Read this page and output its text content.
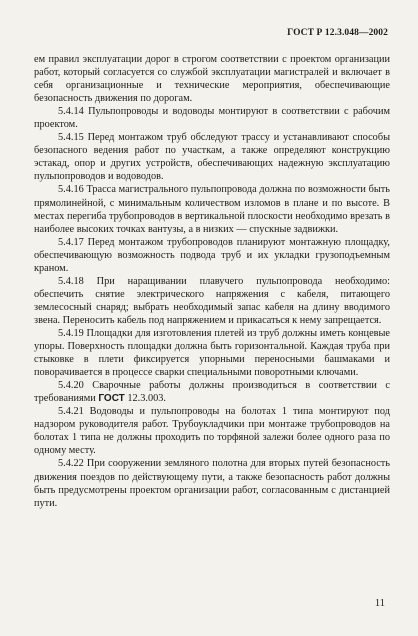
ГОСТ Р 12.3.048—2002

ем правил эксплуатации дорог в строгом соответствии с проектом организации работ, который согласуется со службой эксплуатации магистралей и включает в себя организационные и технические мероприятия, обеспечивающие безопасность движения по дорогам.

5.4.14 Пульпопроводы и водоводы монтируют в соответствии с рабочим проектом.

5.4.15 Перед монтажом труб обследуют трассу и устанавливают способы безопасного ведения работ по участкам, а также определяют конструкцию эстакад, опор и других устройств, обеспечивающих надежную эксплуатацию пульпопроводов и водоводов.

5.4.16 Трасса магистрального пульпопровода должна по возможности быть прямолинейной, с минимальным количеством изломов в плане и по высоте. В местах перегиба трубопроводов в вертикальной плоскости необходимо врезать в наиболее высоких точках вантузы, а в низких — спускные задвижки.

5.4.17 Перед монтажом трубопроводов планируют монтажную площадку, обеспечивающую возможность подвода труб и их укладки грузоподъемным краном.

5.4.18 При наращивании плавучего пульпопровода необходимо: обеспечить снятие электрического напряжения с кабеля, питающего землесосный снаряд; выбрать необходимый запас кабеля на длину вводимого звена. Переносить кабель под напряжением и прикасаться к нему запрещается.

5.4.19 Площадки для изготовления плетей из труб должны иметь концевые упоры. Поверхность площадки должна быть горизонтальной. Каждая труба при стыковке в плети фиксируется упорными переносными башмаками и поворачивается в процессе сварки специальными поворотными ключами.

5.4.20 Сварочные работы должны производиться в соответствии с требованиями ГОСТ 12.3.003.

5.4.21 Водоводы и пульпопроводы на болотах 1 типа монтируют под надзором руководителя работ. Трубоукладчики при монтаже трубопроводов на болотах 1 типа не должны проходить по торфяной залежи более одного раза по одному месту.

5.4.22 При сооружении земляного полотна для вторых путей безопасность движения поездов по действующему пути, а также безопасность работ должны быть предусмотрены проектом организации работ, согласованным с дистанцией пути.

11
